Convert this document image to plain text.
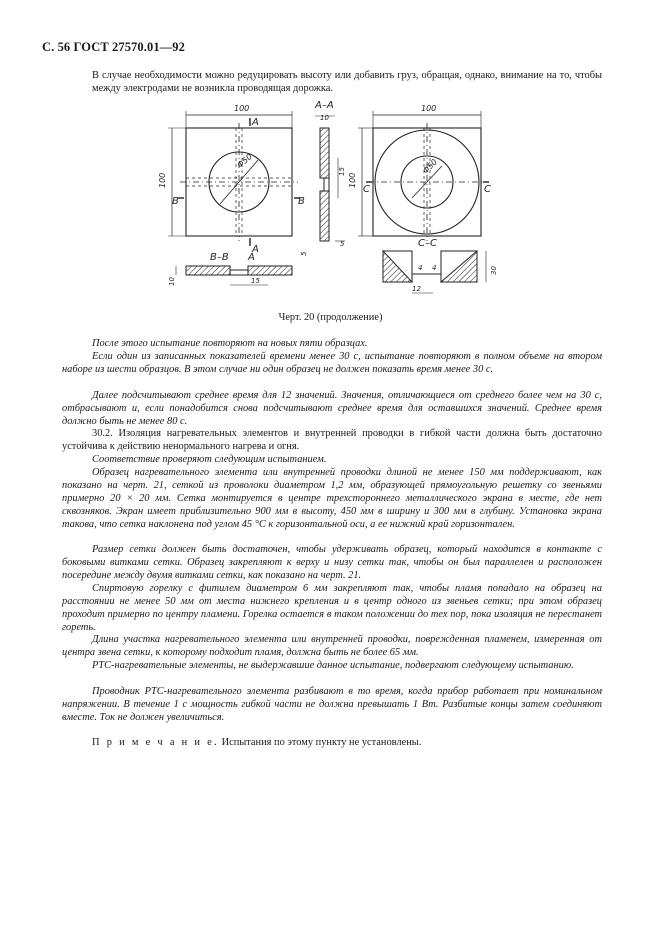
С. 56 ГОСТ 27570.01—92

В случае необходимости можно редуцировать высоту или добавить груз, обращая, однако, внимание на то, чтобы между электродами не возникла проводящая дорожка.

100
100
Φ50
А
А
В	В
А–А
10
15
5
В–В А	5
10	15
100
100
Φ50
С	С
С–С
4 4
12
30
Черт. 20 (продолжение)

После этого испытание повторяют на новых пяти образцах.

Если один из записанных показателей времени менее 30 с, испытание повторяют в полном объеме на втором наборе из шести образцов. В этом случае ни один образец не должен показать время менее 30 с.

Далее подсчитывают среднее время для 12 значений. Значения, отличающиеся от среднего более чем на 30 с, отбрасывают и, если понадобится снова подсчитывают среднее время для оставшихся значений. Среднее время должно быть не менее 80 с.

30.2. Изоляция нагревательных элементов и внутренней проводки в гибкой части должна быть достаточно устойчива к действию ненормального нагрева и огня.

Соответствие проверяют следующим испытанием.

Образец нагревательного элемента или внутренней проводки длиной не менее 150 мм поддерживают, как показано на черт. 21, сеткой из проволоки диаметром 1,2 мм, образующей прямоугольную решетку со звеньями примерно 20 × 20 мм. Сетка монтируется в центре трехстороннего металлического экрана в месте, где нет сквозняков. Экран имеет приблизительно 900 мм в высоту, 450 мм в ширину и 300 мм в глубину. Установка экрана такова, что сетка наклонена под углом 45 °С к горизонтальной оси, а ее нижний край горизонтален.

Размер сетки должен быть достаточен, чтобы удерживать образец, который находится в контакте с боковыми витками сетки. Образец закрепляют к верху и низу сетки так, чтобы он был параллелен и расположен посередине между двумя витками сетки, как показано на черт. 21.

Спиртовую горелку с фитилем диаметром 6 мм закрепляют так, чтобы пламя попадало на образец на расстоянии не менее 50 мм от места нижнего крепления и в центр одного из звеньев сетки; при этом образец проходит примерно по центру пламени. Горелка остается в таком положении до тех пор, пока изоляция не перестанет гореть.

Длина участка нагревательного элемента или внутренней проводки, поврежденная пламенем, измеренная от центра звена сетки, к которому подходит пламя, должна быть не более 65 мм.

РТС-нагревательные элементы, не выдержавшие данное испытание, подвергают следующему испытанию.

Проводник РТС-нагревательного элемента разбивают в то время, когда прибор работает при номинальном напряжении. В течение 1 с мощность гибкой части не должна превышать 1 Вт. Разбитые концы затем соединяют вместе. Ток не должен увеличиться.

П р и м е ч а н и е. Испытания по этому пункту не установлены.
